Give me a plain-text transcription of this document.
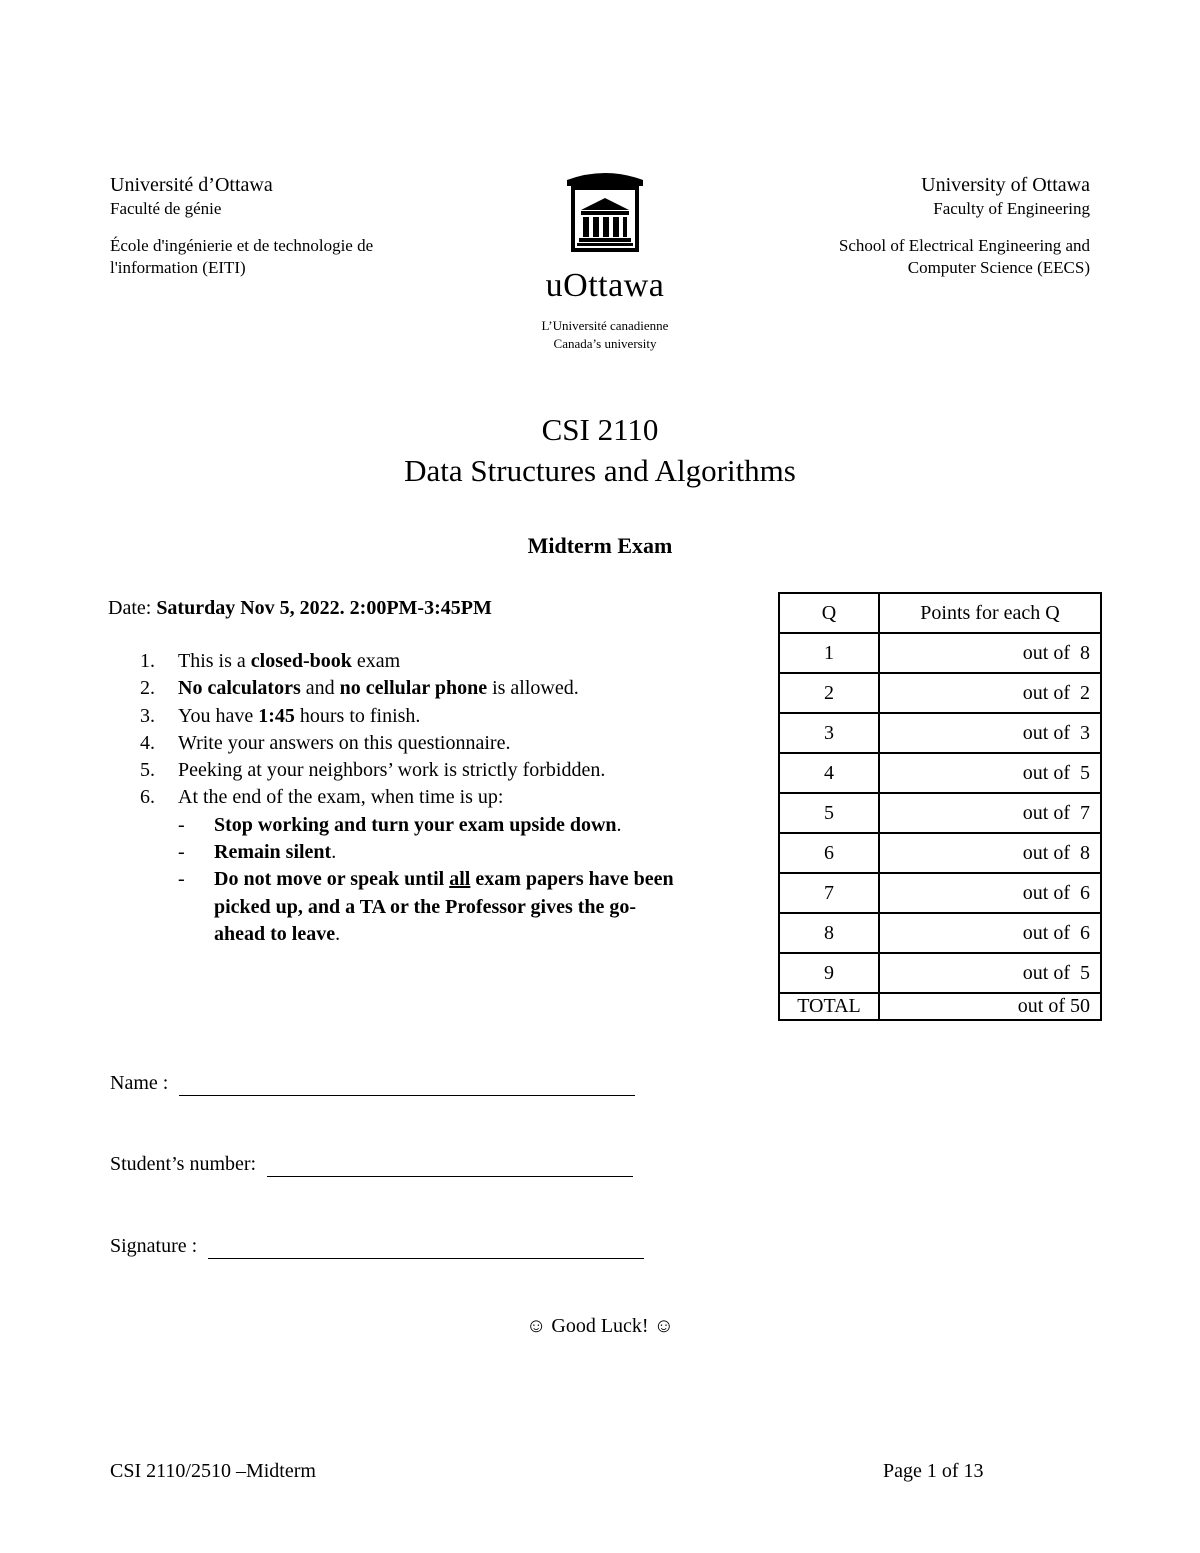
Université d’Ottawa
Faculté de génie
École d'ingénierie et de technologie de
l'information (EITI)
University of Ottawa
Faculty of Engineering
School of Electrical Engineering and
Computer Science (EECS)
uOttawa
L’Université canadienne
Canada’s university
CSI 2110
Data Structures and Algorithms
Midterm Exam
Date: Saturday Nov 5, 2022. 2:00PM-3:45PM
1.	This is a closed-book exam
2.	No calculators and no cellular phone is allowed.
3.	You have 1:45 hours to finish.
4.	Write your answers on this questionnaire.
5.	Peeking at your neighbors’ work is strictly forbidden.
6.	At the end of the exam, when time is up:
-	Stop working and turn your exam upside down.
-	Remain silent.
-	Do not move or speak until all exam papers have been
picked up, and a TA or the Professor gives the go-
ahead to leave.
Q	Points for each Q
1	out of  8
2	out of  2
3	out of  3
4	out of  5
5	out of  7
6	out of  8
7	out of  6
8	out of  6
9	out of  5
TOTAL	out of 50
Name :
Student’s number:
Signature :
☺ Good Luck! ☺
CSI 2110/2510 –Midterm	Page 1 of 13
